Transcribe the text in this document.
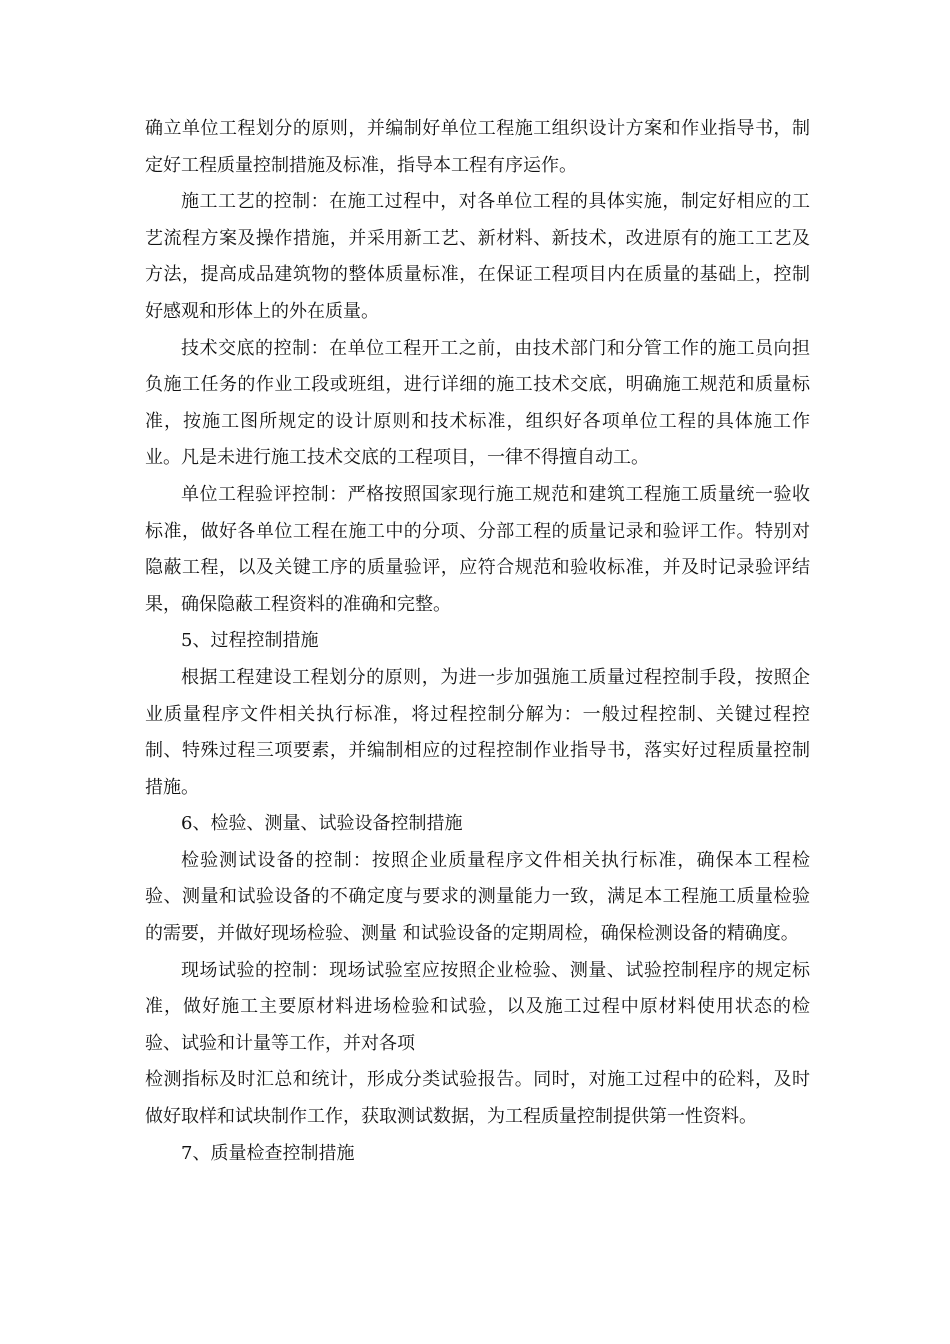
确立单位工程划分的原则，并编制好单位工程施工组织设计方案和作业指导书，制定好工程质量控制措施及标准，指导本工程有序运作。

施工工艺的控制：在施工过程中，对各单位工程的具体实施，制定好相应的工艺流程方案及操作措施，并采用新工艺、新材料、新技术，改进原有的施工工艺及方法，提高成品建筑物的整体质量标准，在保证工程项目内在质量的基础上，控制好感观和形体上的外在质量。

技术交底的控制：在单位工程开工之前，由技术部门和分管工作的施工员向担负施工任务的作业工段或班组，进行详细的施工技术交底，明确施工规范和质量标准，按施工图所规定的设计原则和技术标准，组织好各项单位工程的具体施工作业。凡是未进行施工技术交底的工程项目，一律不得擅自动工。

单位工程验评控制：严格按照国家现行施工规范和建筑工程施工质量统一验收标准，做好各单位工程在施工中的分项、分部工程的质量记录和验评工作。特别对隐蔽工程，以及关键工序的质量验评，应符合规范和验收标准，并及时记录验评结果，确保隐蔽工程资料的准确和完整。

5、过程控制措施

根据工程建设工程划分的原则，为进一步加强施工质量过程控制手段，按照企业质量程序文件相关执行标准，将过程控制分解为：一般过程控制、关键过程控制、特殊过程三项要素，并编制相应的过程控制作业指导书，落实好过程质量控制措施。

6、检验、测量、试验设备控制措施

检验测试设备的控制：按照企业质量程序文件相关执行标准，确保本工程检验、测量和试验设备的不确定度与要求的测量能力一致，满足本工程施工质量检验的需要，并做好现场检验、测量 和试验设备的定期周检，确保检测设备的精确度。

现场试验的控制：现场试验室应按照企业检验、测量、试验控制程序的规定标准，做好施工主要原材料进场检验和试验，以及施工过程中原材料使用状态的检验、试验和计量等工作，并对各项

检测指标及时汇总和统计，形成分类试验报告。同时，对施工过程中的砼料，及时做好取样和试块制作工作，获取测试数据，为工程质量控制提供第一性资料。

7、质量检查控制措施
